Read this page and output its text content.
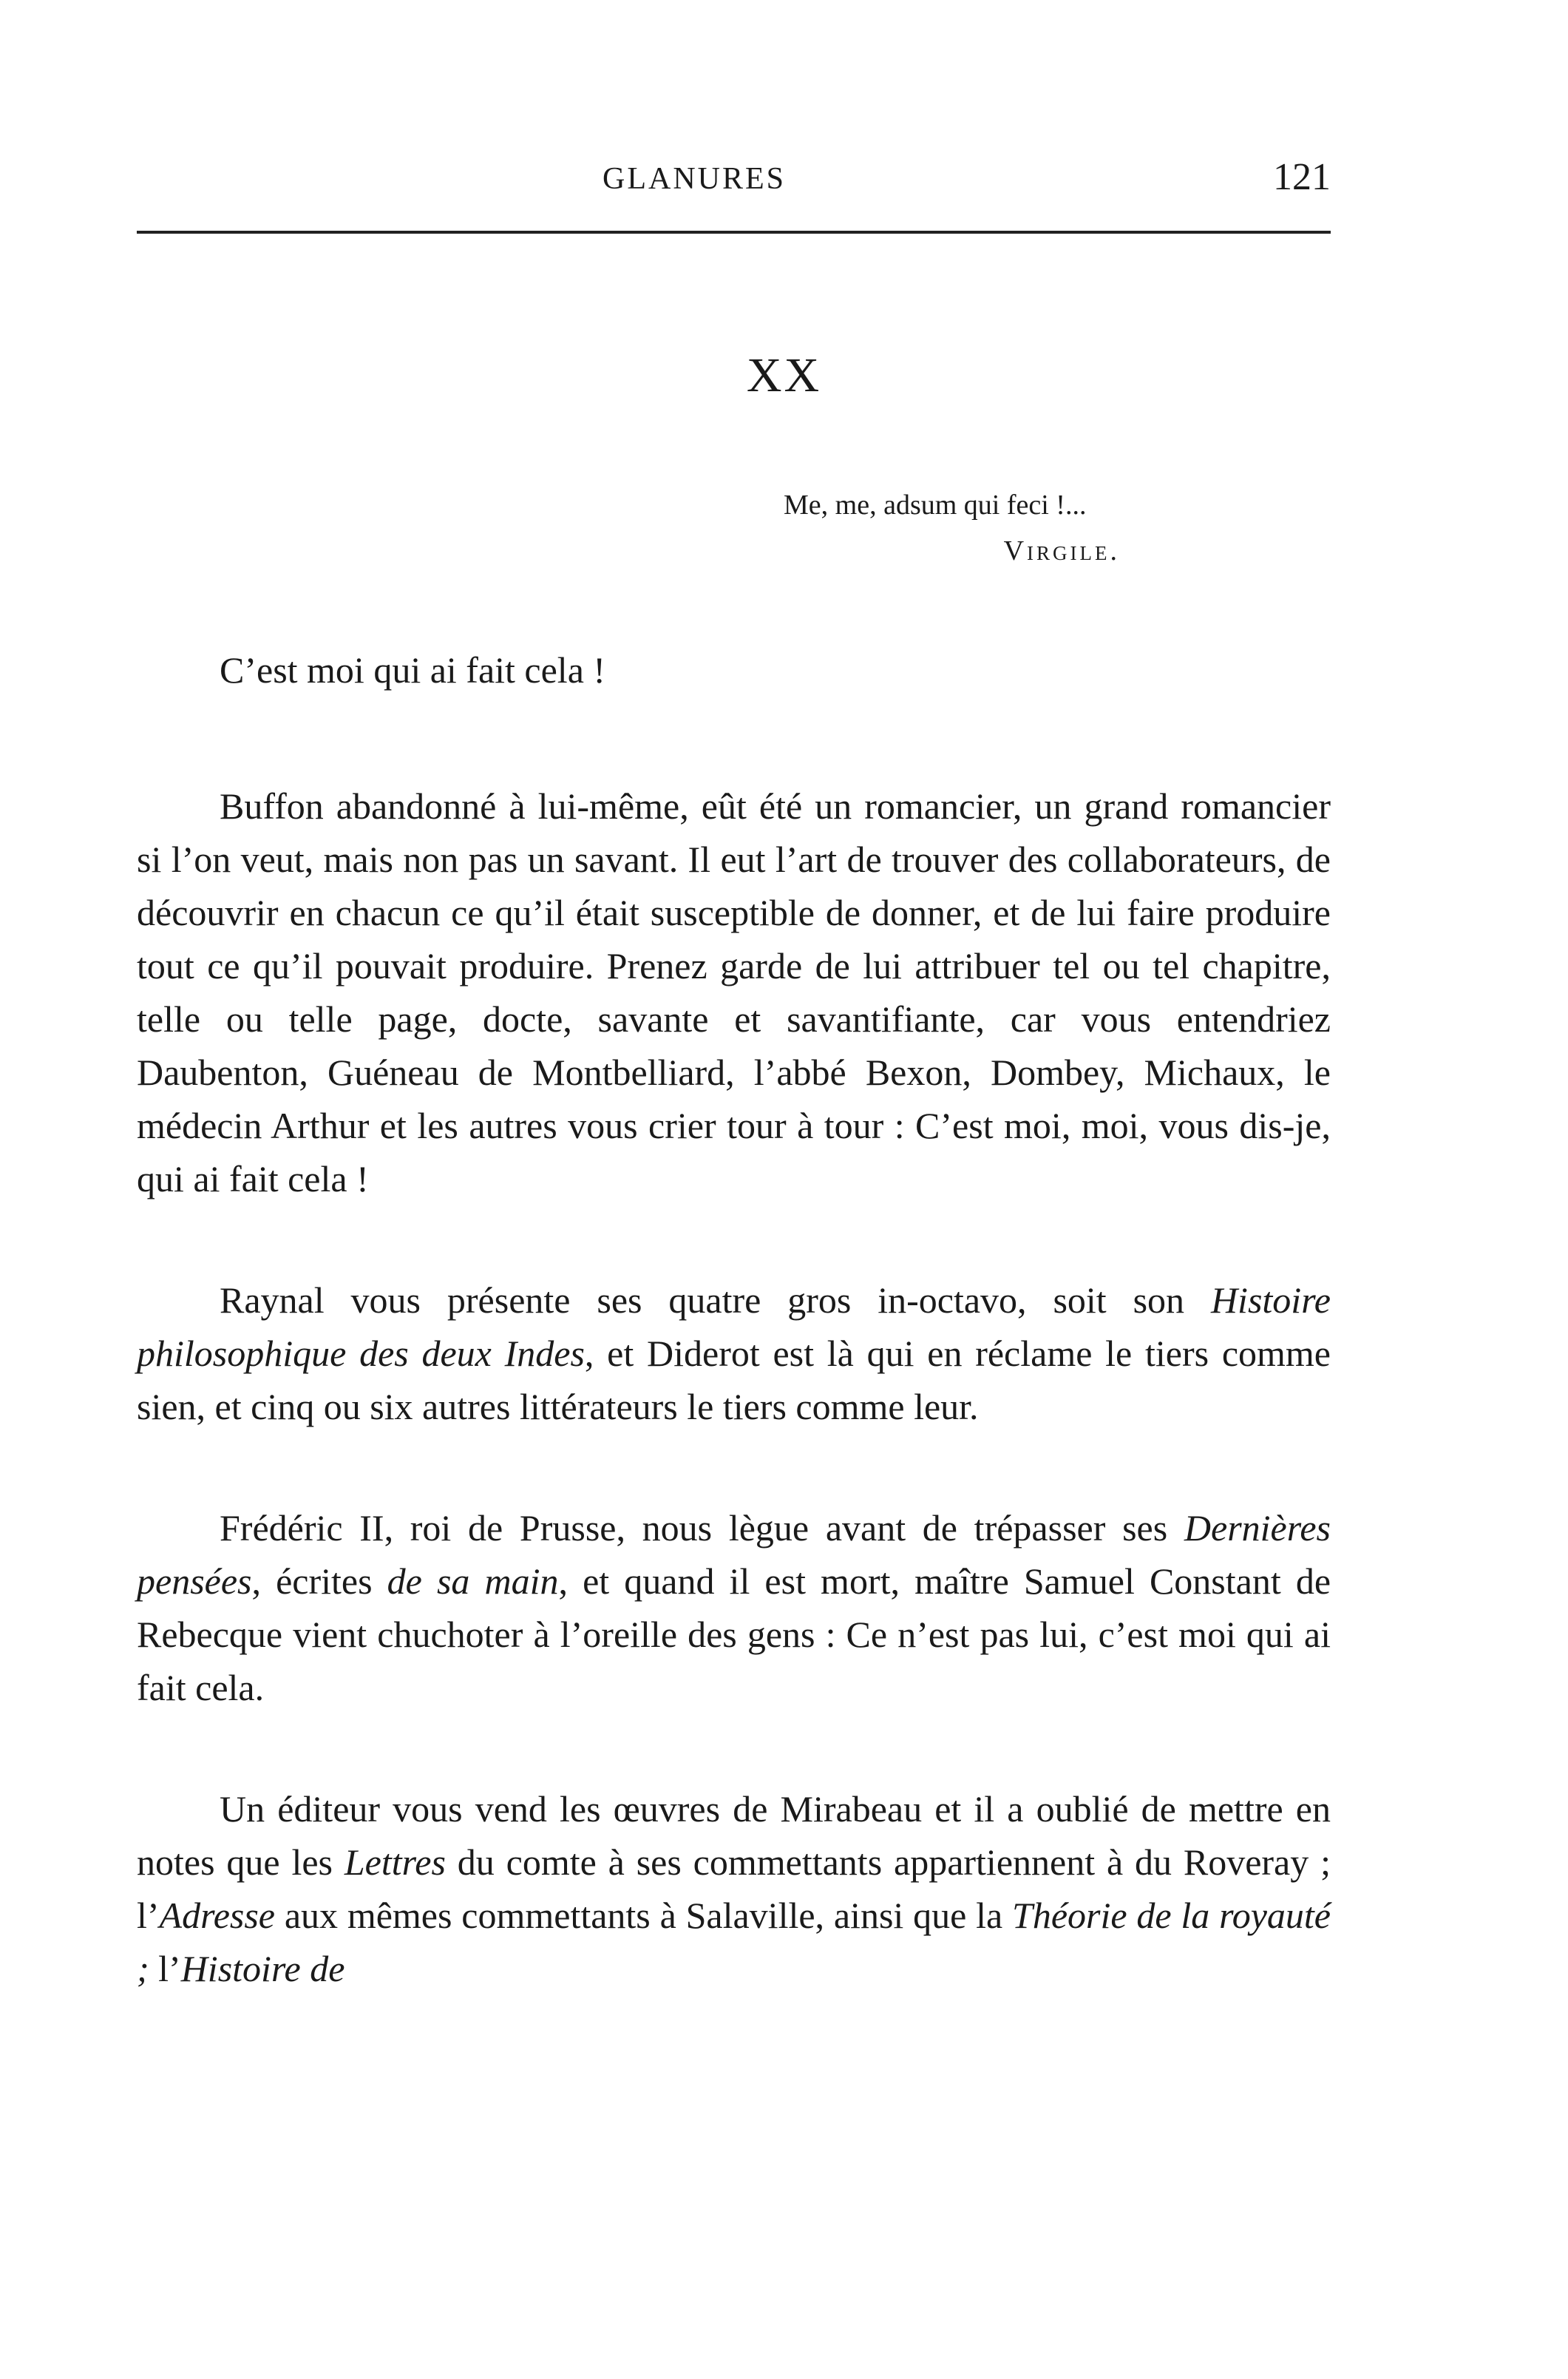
GLANURES	121
XX
Me, me, adsum qui feci !...
Virgile.

C’est moi qui ai fait cela !

Buffon abandonné à lui-même, eût été un romancier, un grand romancier si l’on veut, mais non pas un savant. Il eut l’art de trouver des collaborateurs, de découvrir en chacun ce qu’il était susceptible de donner, et de lui faire produire tout ce qu’il pouvait produire. Prenez garde de lui attribuer tel ou tel chapitre, telle ou telle page, docte, savante et savantifiante, car vous entendriez Daubenton, Guéneau de Montbelliard, l’abbé Bexon, Dombey, Michaux, le médecin Arthur et les autres vous crier tour à tour : C’est moi, moi, vous dis-je, qui ai fait cela !

Raynal vous présente ses quatre gros in-octavo, soit son Histoire philosophique des deux Indes, et Diderot est là qui en réclame le tiers comme sien, et cinq ou six autres littérateurs le tiers comme leur.

Frédéric II, roi de Prusse, nous lègue avant de trépasser ses Dernières pensées, écrites de sa main, et quand il est mort, maître Samuel Constant de Rebecque vient chuchoter à l’oreille des gens : Ce n’est pas lui, c’est moi qui ai fait cela.

Un éditeur vous vend les œuvres de Mirabeau et il a oublié de mettre en notes que les Lettres du comte à ses commettants appartiennent à du Roveray ; l’Adresse aux mêmes commettants à Salaville, ainsi que la Théorie de la royauté ; l’Histoire de
